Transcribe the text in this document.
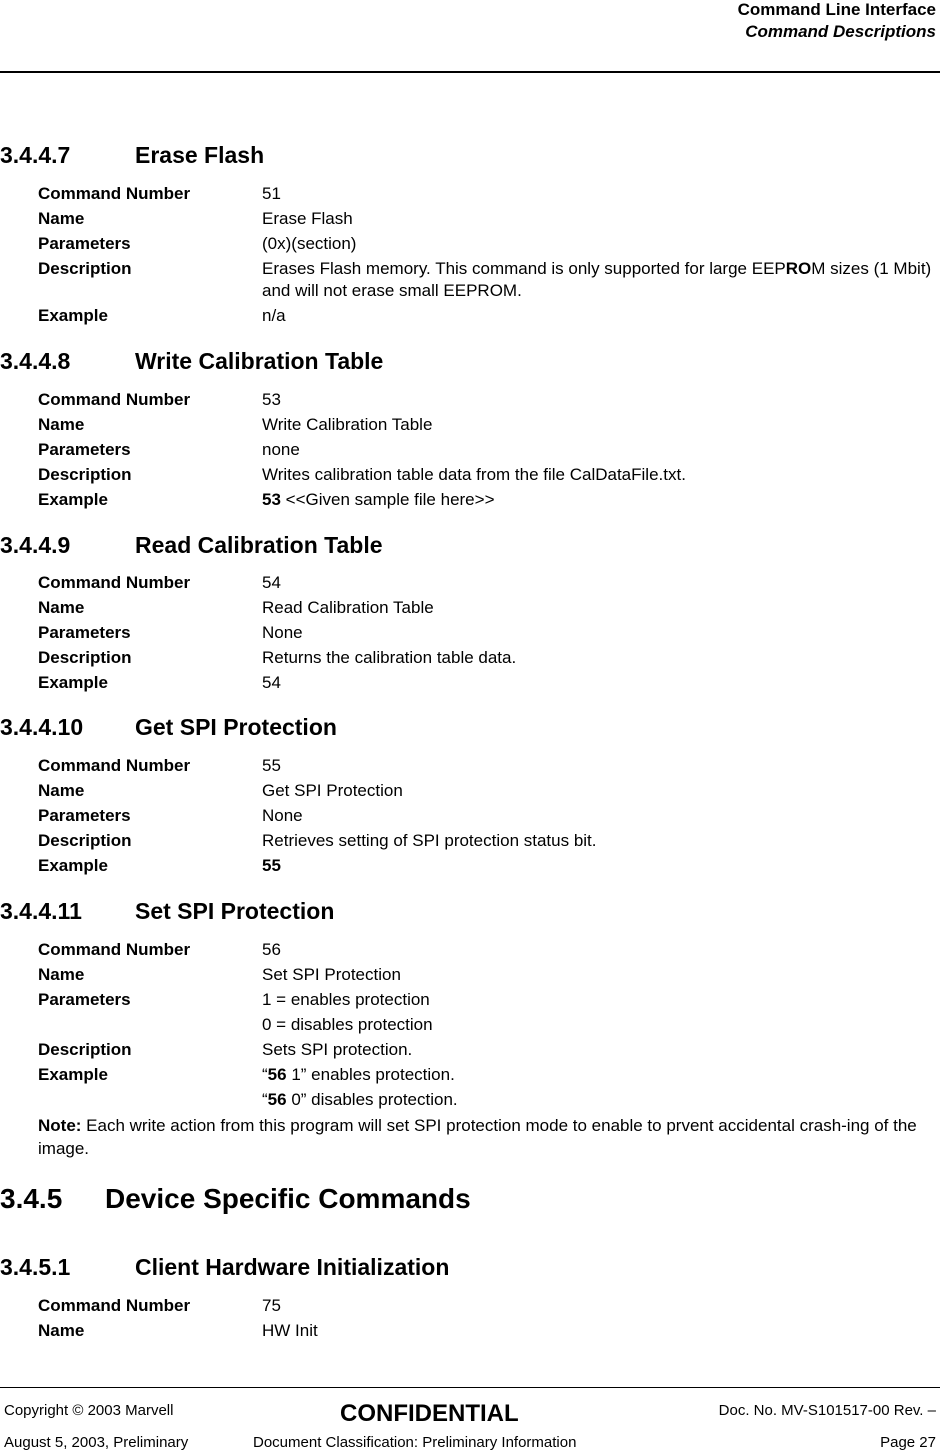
Command Line Interface
Command Descriptions
3.4.4.7	Erase Flash
Command Number	51
Name	Erase Flash
Parameters	(0x)(section)
Description	Erases Flash memory. This command is only supported for large EEPROM sizes (1 Mbit) and will not erase small EEPROM.
Example	n/a
3.4.4.8	Write Calibration Table
Command Number	53
Name	Write Calibration Table
Parameters	none
Description	Writes calibration table data from the file CalDataFile.txt.
Example	53 <<Given sample file here>>
3.4.4.9	Read Calibration Table
Command Number	54
Name	Read Calibration Table
Parameters	None
Description	Returns the calibration table data.
Example	54
3.4.4.10 Get SPI Protection
Command Number	55
Name	Get SPI Protection
Parameters	None
Description	Retrieves setting of SPI protection status bit.
Example	55
3.4.4.11 Set SPI Protection
Command Number	56
Name	Set SPI Protection
Parameters	1 = enables protection
0 = disables protection
Description	Sets SPI protection.
Example	“56 1” enables protection.
“56 0” disables protection.
Note: Each write action from this program will set SPI protection mode to enable to prvent accidental crash-ing of the image.
3.4.5 Device Specific Commands
3.4.5.1	Client Hardware Initialization
Command Number	75
Name	HW Init
Copyright © 2003 Marvell	CONFIDENTIAL	Doc. No. MV-S101517-00 Rev. –
August 5, 2003, Preliminary	Document Classification: Preliminary Information	Page 27
